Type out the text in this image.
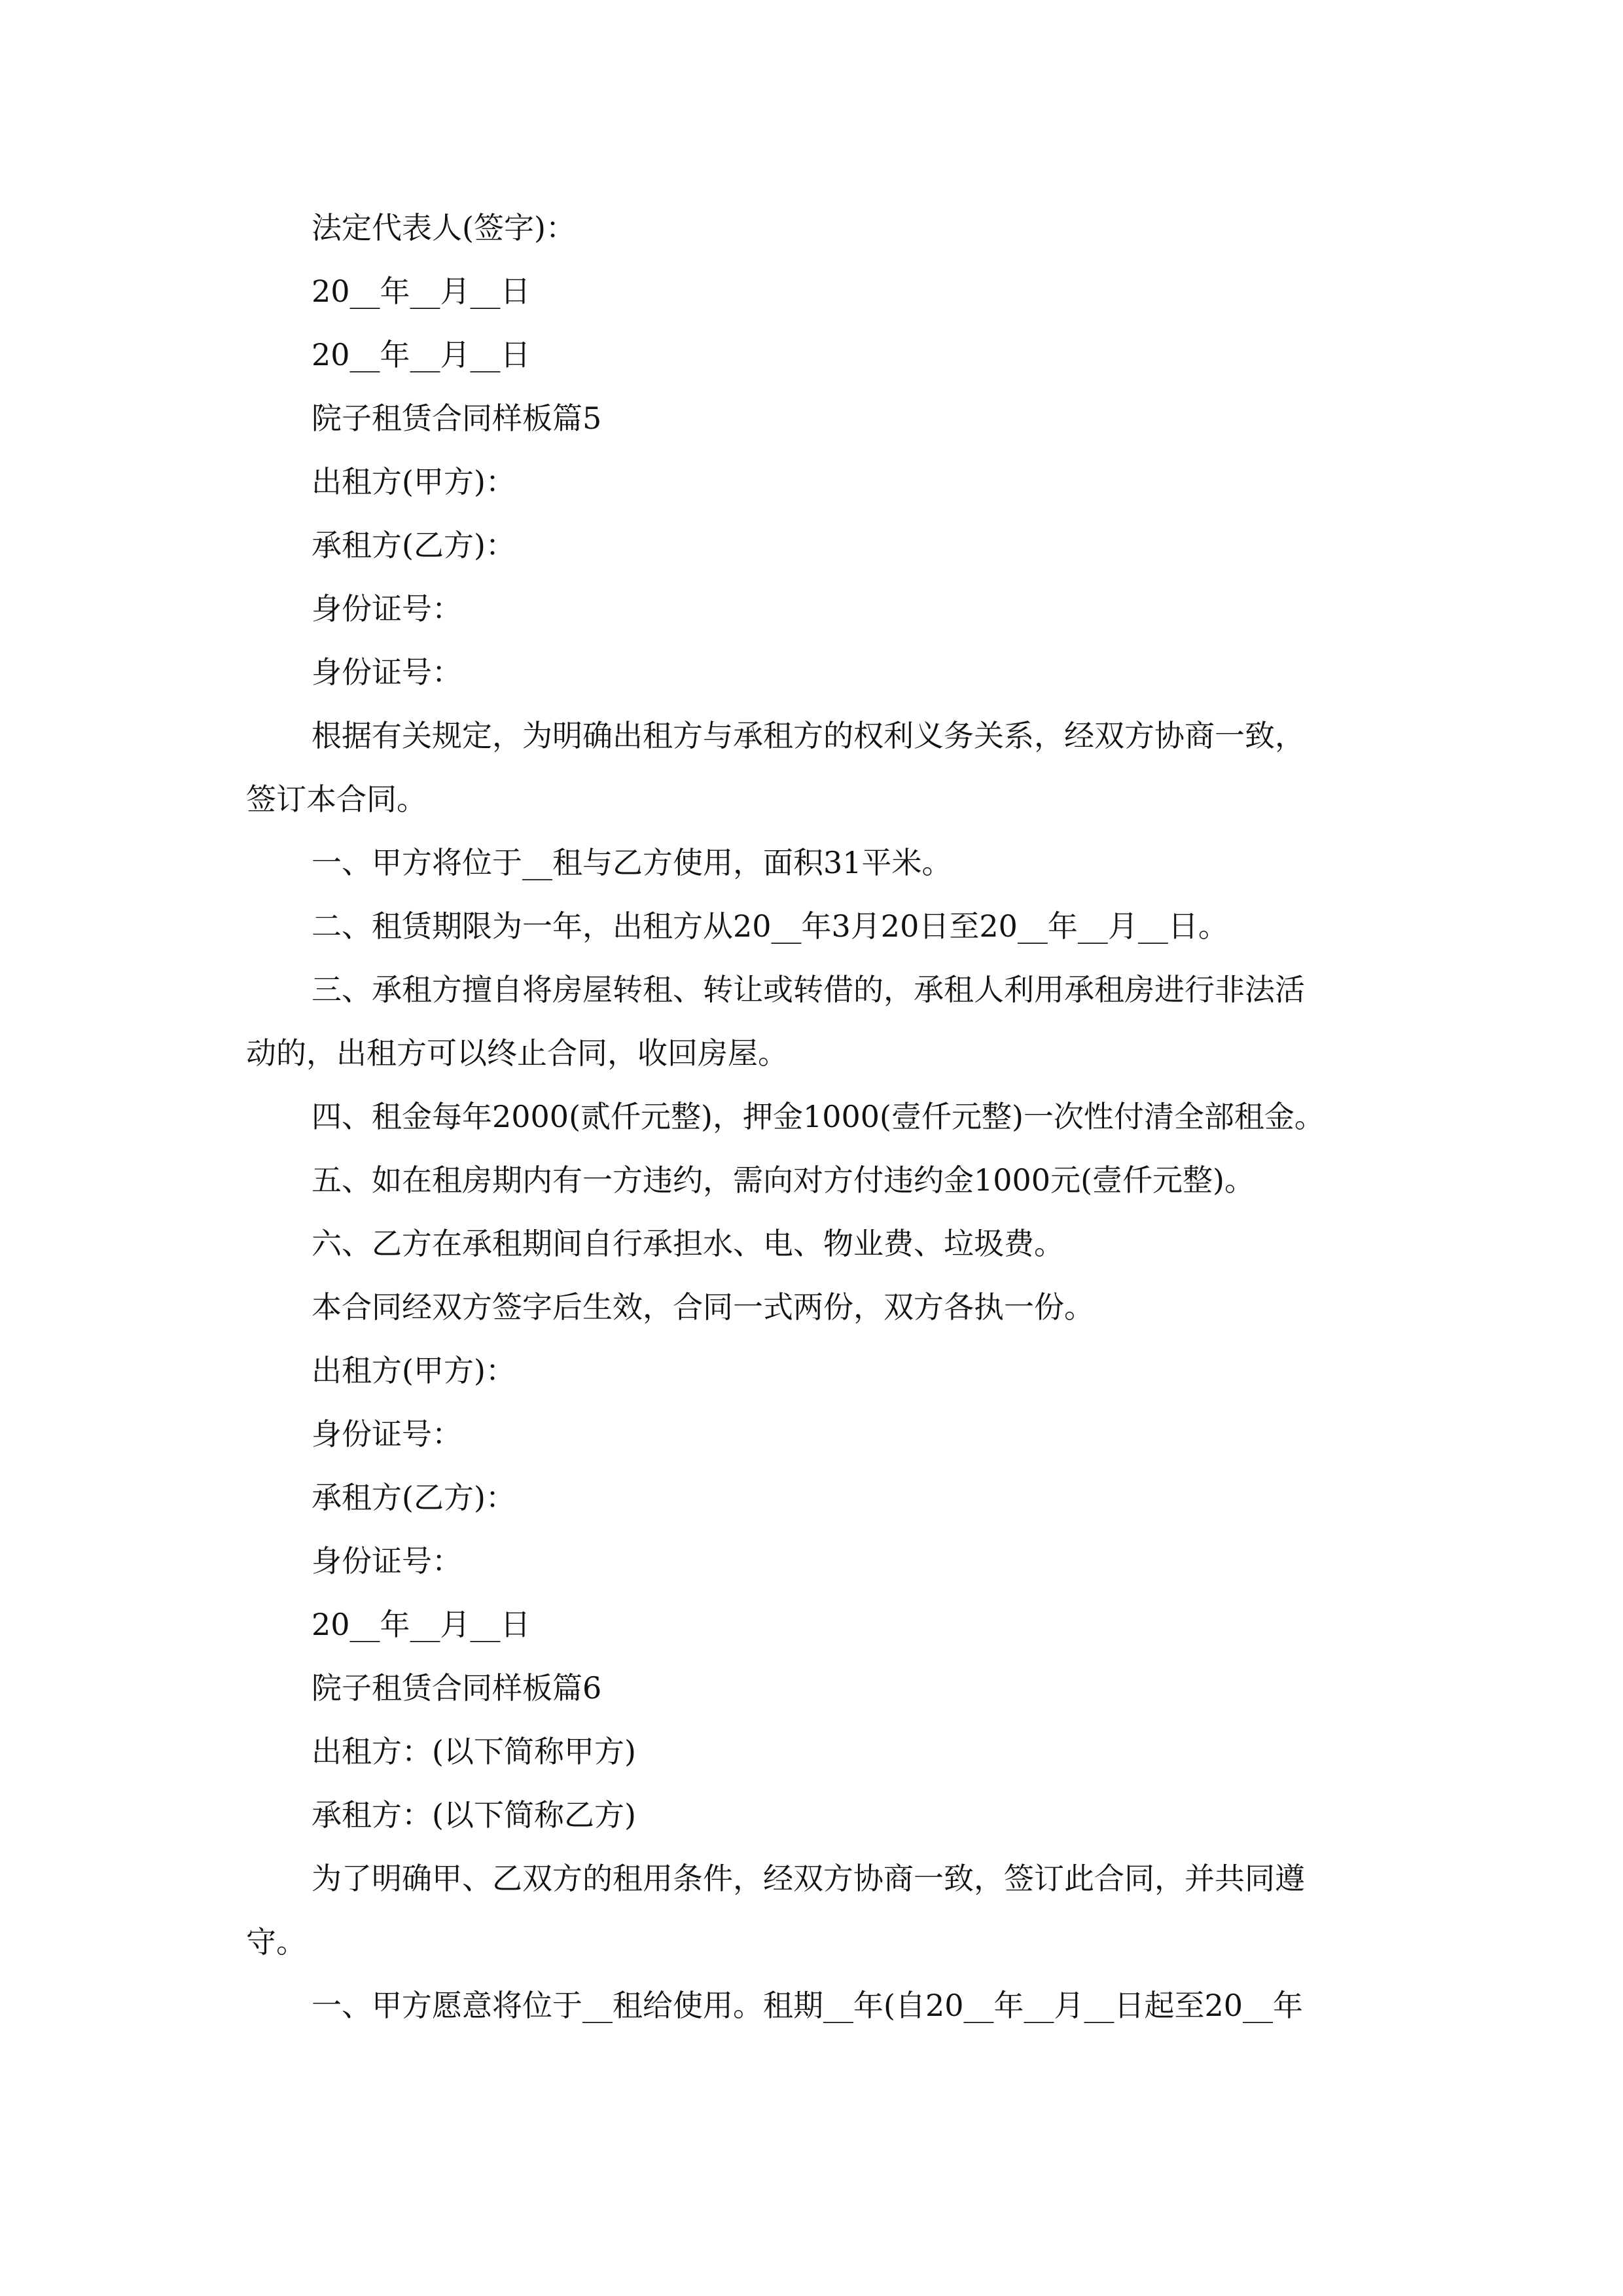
法定代表人(签字)：
20__年__月__日
20__年__月__日
院子租赁合同样板篇5
出租方(甲方)：
承租方(乙方)：
身份证号：
身份证号：
根据有关规定，为明确出租方与承租方的权利义务关系，经双方协商一致，
签订本合同。
一、甲方将位于__租与乙方使用，面积31平米。
二、租赁期限为一年，出租方从20__年3月20日至20__年__月__日。
三、承租方擅自将房屋转租、转让或转借的，承租人利用承租房进行非法活
动的，出租方可以终止合同，收回房屋。
四、租金每年2000(贰仟元整)，押金1000(壹仟元整)一次性付清全部租金。
五、如在租房期内有一方违约，需向对方付违约金1000元(壹仟元整)。
六、乙方在承租期间自行承担水、电、物业费、垃圾费。
本合同经双方签字后生效，合同一式两份，双方各执一份。
出租方(甲方)：
身份证号：
承租方(乙方)：
身份证号：
20__年__月__日
院子租赁合同样板篇6
出租方：(以下简称甲方)
承租方：(以下简称乙方)
为了明确甲、乙双方的租用条件，经双方协商一致，签订此合同，并共同遵
守。
一、甲方愿意将位于__租给使用。租期__年(自20__年__月__日起至20__年
